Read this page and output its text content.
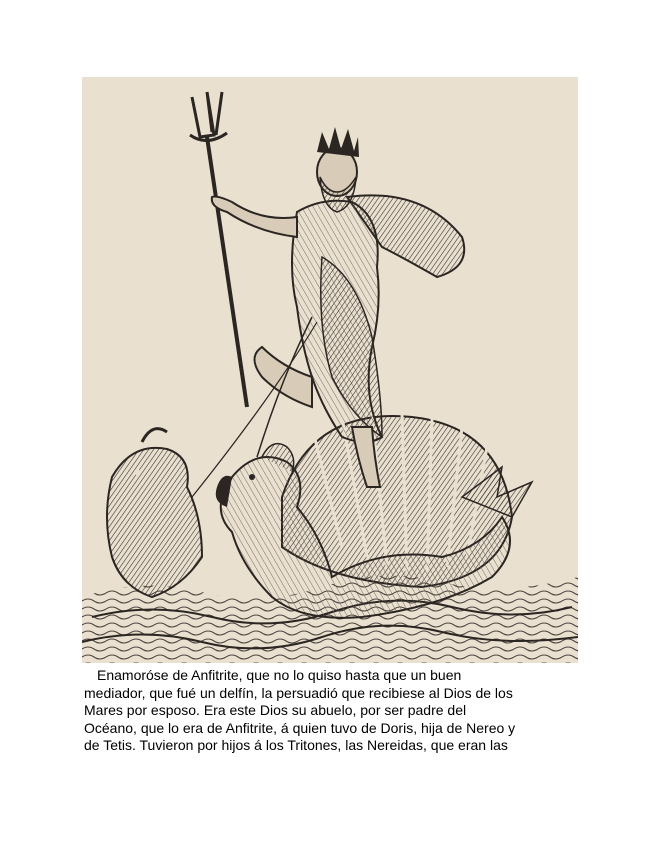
Enamoróse de Anfitrite, que no lo quiso hasta que un buen
mediador, que fué un delfín, la persuadió que recibiese al Dios de los
Mares por esposo. Era este Dios su abuelo, por ser padre del
Océano, que lo era de Anfitrite, á quien tuvo de Doris, hija de Nereo y
de Tetis. Tuvieron por hijos á los Tritones, las Nereidas, que eran las
